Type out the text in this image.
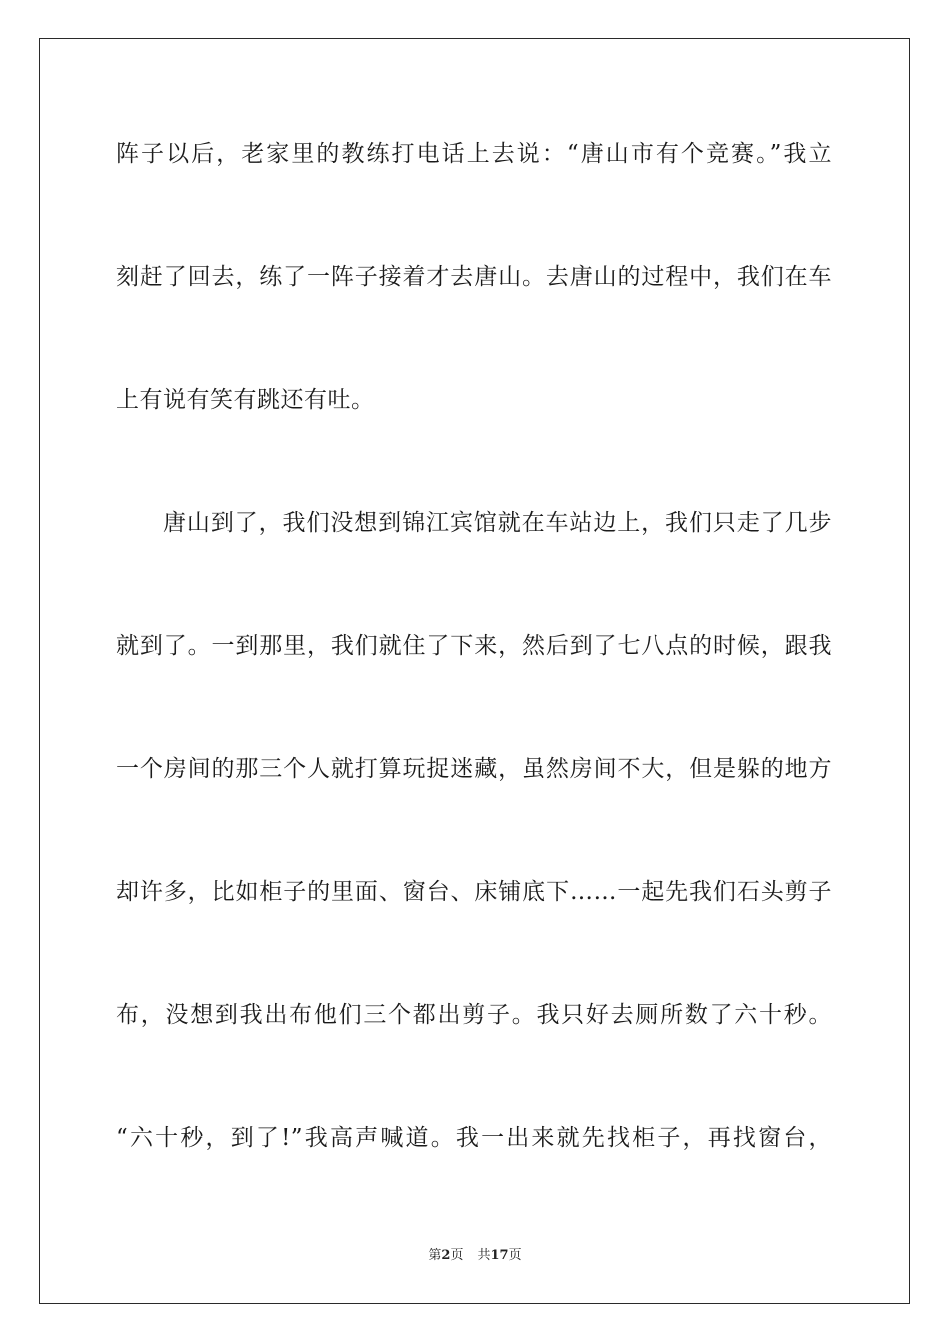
阵子以后，老家里的教练打电话上去说：“唐山市有个竞赛。”我立
刻赶了回去，练了一阵子接着才去唐山。去唐山的过程中，我们在车
上有说有笑有跳还有吐。
唐山到了，我们没想到锦江宾馆就在车站边上，我们只走了几步
就到了。一到那里，我们就住了下来，然后到了七八点的时候，跟我
一个房间的那三个人就打算玩捉迷藏，虽然房间不大，但是躲的地方
却许多，比如柜子的里面、窗台、床铺底下……一起先我们石头剪子
布，没想到我出布他们三个都出剪子。我只好去厕所数了六十秒。
“六十秒，到了!”我高声喊道。我一出来就先找柜子，再找窗台，
第2页 共17页
